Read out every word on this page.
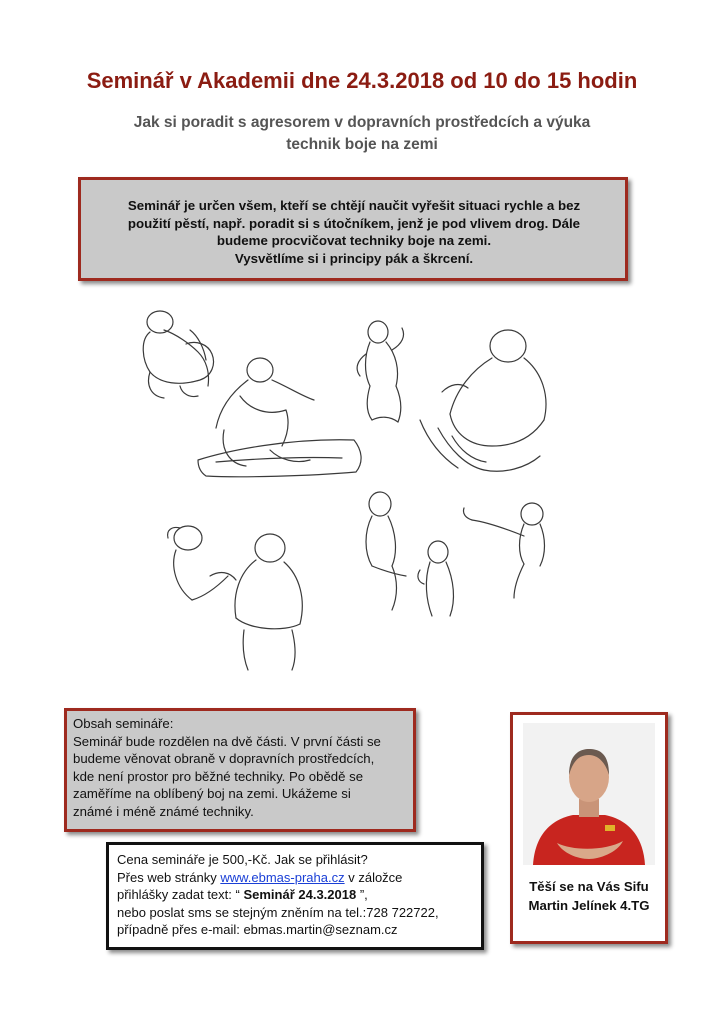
Seminář v Akademii dne 24.3.2018 od 10 do 15 hodin
Jak si poradit s agresorem v dopravních prostředcích a výuka
technik boje na zemi
Seminář je určen všem, kteří se chtějí naučit vyřešit situaci rychle a bez
použití pěstí, např. poradit si s útočníkem, jenž je pod vlivem drog. Dále
budeme procvičovat techniky boje na zemi.
Vysvětlíme si i principy pák a škrcení.
Obsah semináře:
Seminář bude rozdělen na dvě části. V první části se
budeme věnovat obraně v dopravních prostředcích,
kde není prostor pro běžné techniky. Po obědě se
zaměříme na oblíbený boj na zemi. Ukážeme si
známé i méně známé techniky.
Cena semináře je 500,-Kč. Jak se přihlásit?
Přes web stránky www.ebmas-praha.cz v záložce
přihlášky zadat text: “ Seminář 24.3.2018 ”,
nebo poslat sms se stejným zněním na tel.:728 722722,
případně přes e-mail: ebmas.martin@seznam.cz
Těší se na Vás Sifu
Martin Jelínek 4.TG
